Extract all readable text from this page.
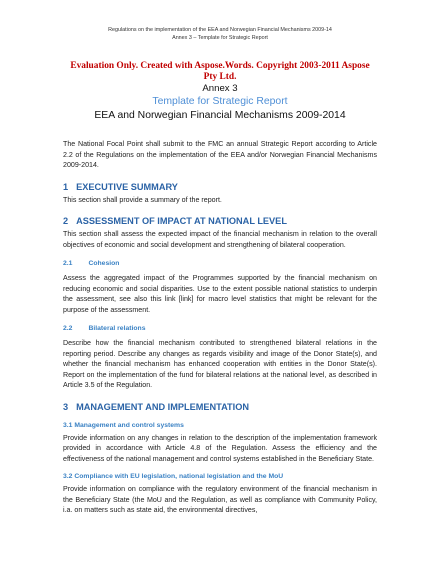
Regulations on the implementation of the EEA and Norwegian Financial Mechanisms 2009-14
Annex 3 – Template for Strategic Report
Evaluation Only. Created with Aspose.Words. Copyright 2003-2011 Aspose Pty Ltd.
Annex 3
Template for Strategic Report
EEA and Norwegian Financial Mechanisms 2009-2014

The National Focal Point shall submit to the FMC an annual Strategic Report according to Article 2.2 of the Regulations on the implementation of the EEA and/or Norwegian Financial Mechanisms 2009-2014.

1 EXECUTIVE SUMMARY

This section shall provide a summary of the report.

2 ASSESSMENT OF IMPACT AT NATIONAL LEVEL

This section shall assess the expected impact of the financial mechanism in relation to the overall objectives of economic and social development and strengthening of bilateral cooperation.

2.1 Cohesion

Assess the aggregated impact of the Programmes supported by the financial mechanism on reducing economic and social disparities. Use to the extent possible national statistics to underpin the assessment, see also this link [link] for macro level statistics that might be relevant for the purpose of the assessment.

2.2 Bilateral relations

Describe how the financial mechanism contributed to strengthened bilateral relations in the reporting period. Describe any changes as regards visibility and image of the Donor State(s), and whether the financial mechanism has enhanced cooperation with entities in the Donor State(s). Report on the implementation of the fund for bilateral relations at the national level, as described in Article 3.5 of the Regulation.

3 MANAGEMENT AND IMPLEMENTATION
3.1 Management and control systems

Provide information on any changes in relation to the description of the implementation framework provided in accordance with Article 4.8 of the Regulation. Assess the efficiency and the effectiveness of the national management and control systems established in the Beneficiary State.

3.2 Compliance with EU legislation, national legislation and the MoU

Provide information on compliance with the regulatory environment of the financial mechanism in the Beneficiary State (the MoU and the Regulation, as well as compliance with Community Policy, i.a. on matters such as state aid, the environmental directives,
